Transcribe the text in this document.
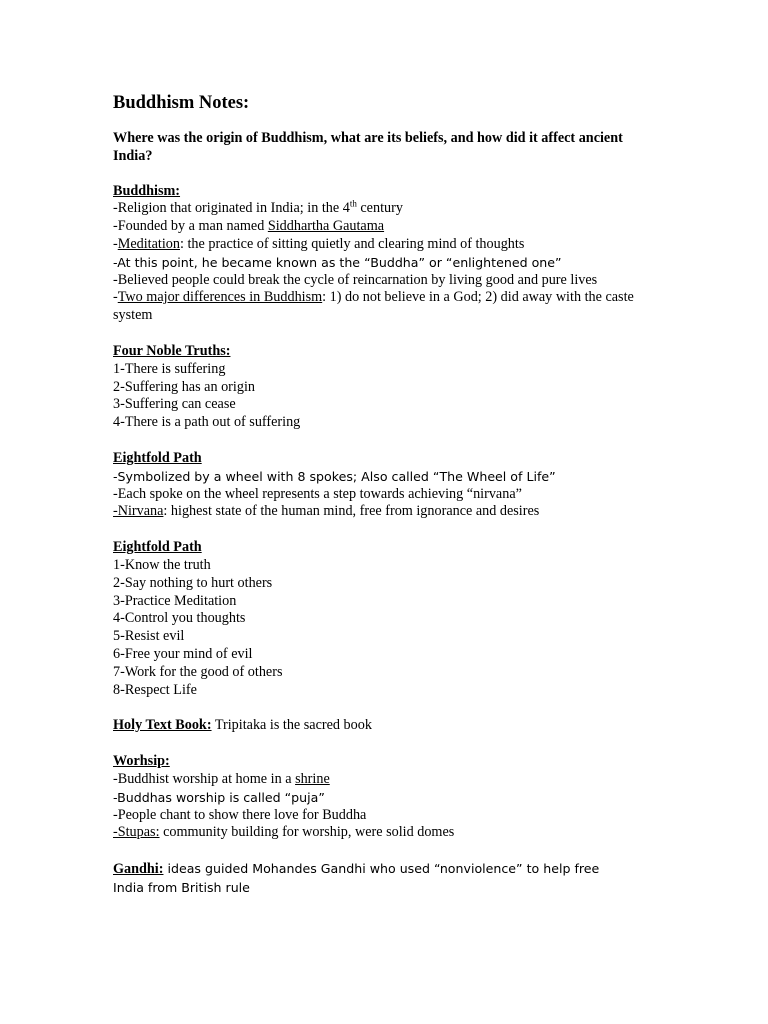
Buddhism Notes:
Where was the origin of Buddhism, what are its beliefs, and how did it affect ancient India?
Buddhism:
-Religion that originated in India; in the 4th century
-Founded by a man named Siddhartha Gautama
-Meditation: the practice of sitting quietly and clearing mind of thoughts
-At this point, he became known as the “Buddha” or “enlightened one”
-Believed people could break the cycle of reincarnation by living good and pure lives
-Two major differences in Buddhism: 1) do not believe in a God; 2) did away with the caste system
Four Noble Truths:
1-There is suffering
2-Suffering has an origin
3-Suffering can cease
4-There is a path out of suffering
Eightfold Path
-Symbolized by a wheel with 8 spokes; Also called “The Wheel of Life”
-Each spoke on the wheel represents a step towards achieving “nirvana”
-Nirvana: highest state of the human mind, free from ignorance and desires
Eightfold Path
1-Know the truth
2-Say nothing to hurt others
3-Practice Meditation
4-Control you thoughts
5-Resist evil
6-Free your mind of evil
7-Work for the good of others
8-Respect Life
Holy Text Book: Tripitaka is the sacred book
Worhsip:
-Buddhist worship at home in a shrine
-Buddhas worship is called “puja”
-People chant to show there love for Buddha
-Stupas: community building for worship, were solid domes
Gandhi: ideas guided Mohandes Gandhi who used “nonviolence” to help free India from British rule
